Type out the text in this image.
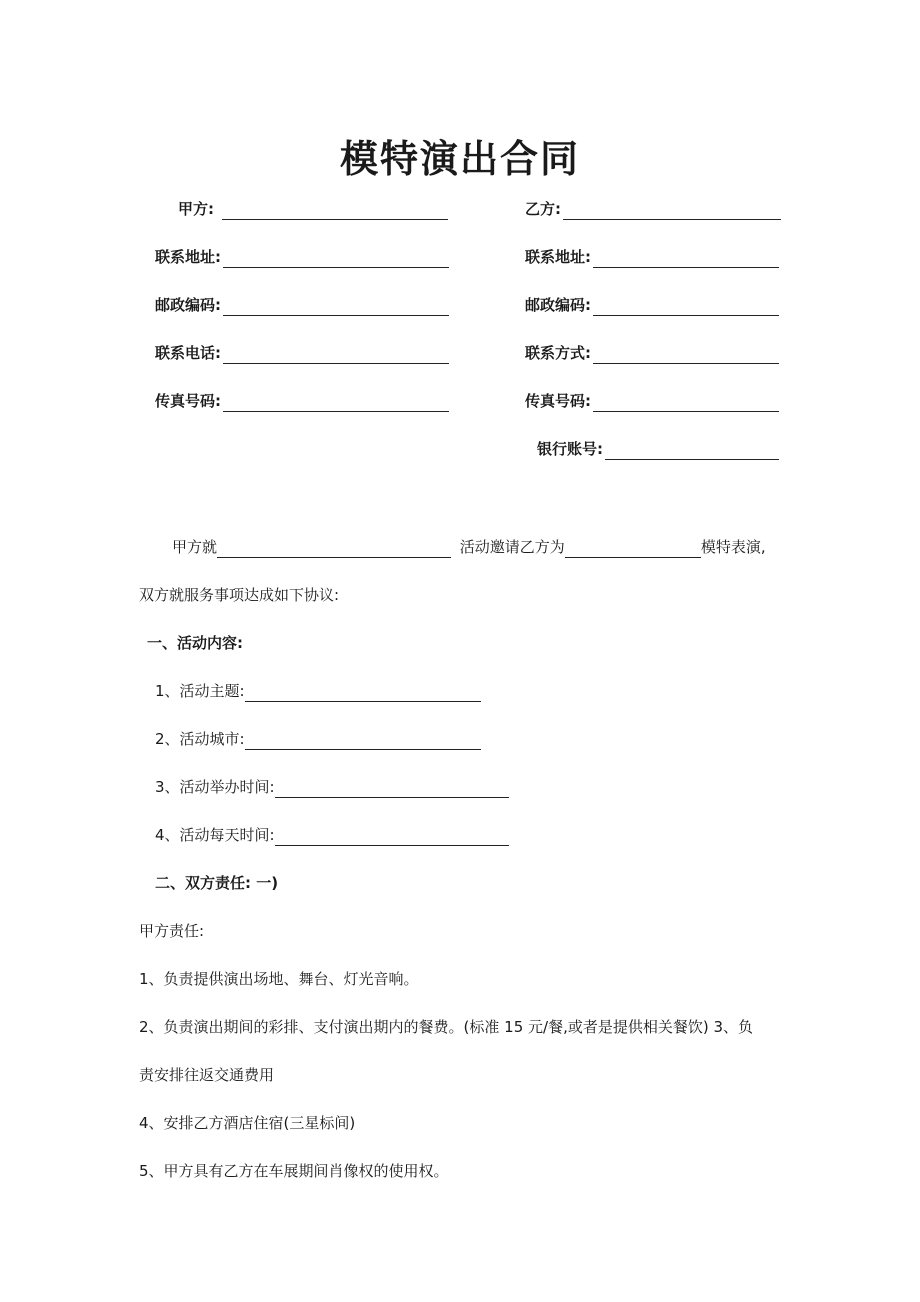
模特演出合同
甲方:
联系地址:
邮政编码:
联系电话:
传真号码:
乙方:
联系地址:
邮政编码:
联系方式:
传真号码:
银行账号:
甲方就	活动邀请乙方为	模特表演,
双方就服务事项达成如下协议:
一、活动内容:
1、活动主题:
2、活动城市:
3、活动举办时间:
4、活动每天时间:
二、双方责任: 一)
甲方责任:
1、负责提供演出场地、舞台、灯光音响。
2、负责演出期间的彩排、支付演出期内的餐费。(标准 15 元/餐,或者是提供相关餐饮) 3、负
责安排往返交通费用
4、安排乙方酒店住宿(三星标间)
5、甲方具有乙方在车展期间肖像权的使用权。
